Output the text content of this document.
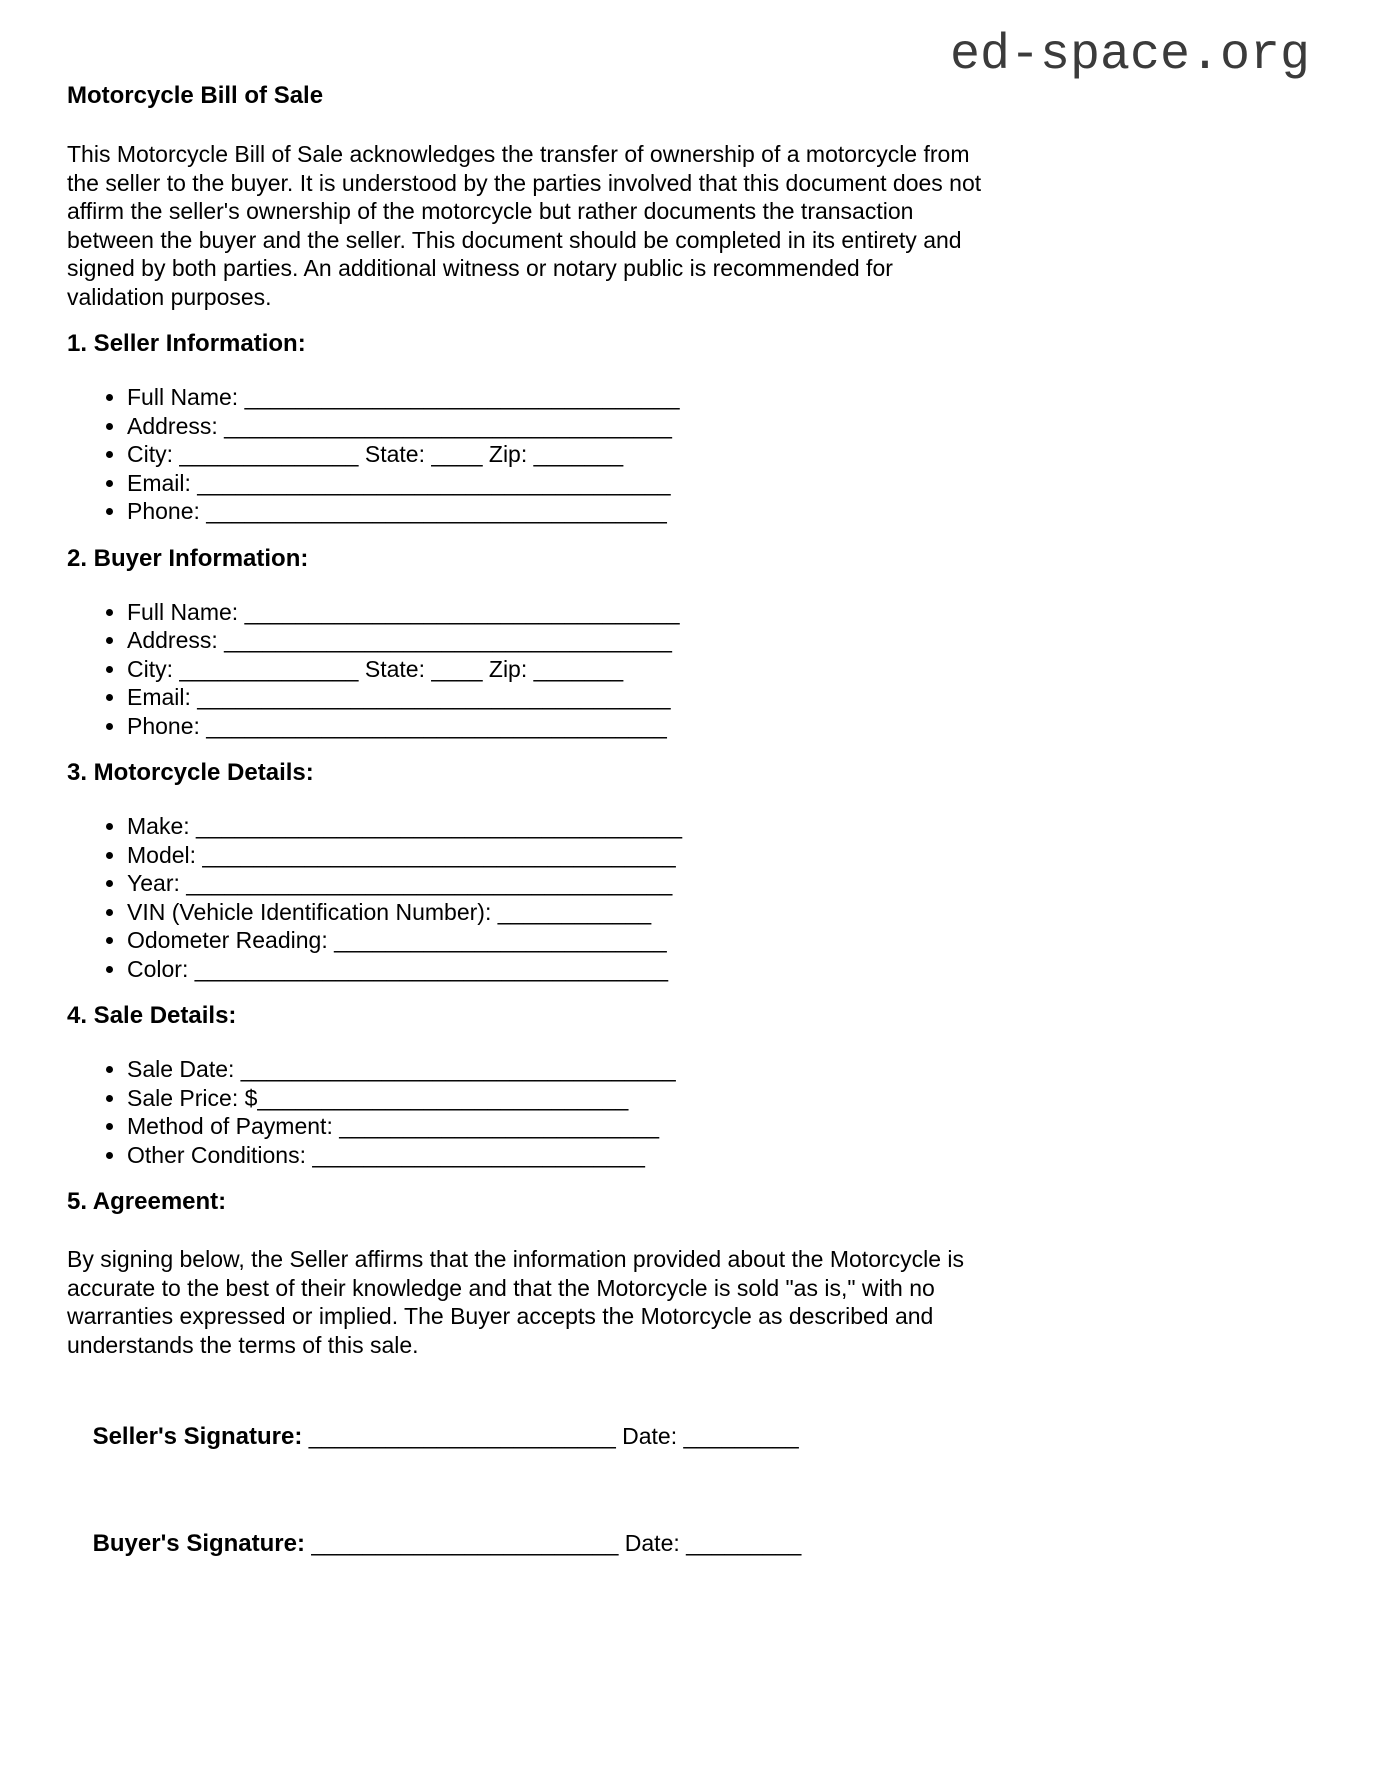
ed-space.org
Motorcycle Bill of Sale
This Motorcycle Bill of Sale acknowledges the transfer of ownership of a motorcycle from
the seller to the buyer. It is understood by the parties involved that this document does not
affirm the seller's ownership of the motorcycle but rather documents the transaction
between the buyer and the seller. This document should be completed in its entirety and
signed by both parties. An additional witness or notary public is recommended for
validation purposes.
1. Seller Information:
• Full Name: __________________________________
• Address: ___________________________________
• City: ______________ State: ____ Zip: _______
• Email: _____________________________________
• Phone: ____________________________________
2. Buyer Information:
• Full Name: __________________________________
• Address: ___________________________________
• City: ______________ State: ____ Zip: _______
• Email: _____________________________________
• Phone: ____________________________________
3. Motorcycle Details:
• Make: ______________________________________
• Model: _____________________________________
• Year: ______________________________________
• VIN (Vehicle Identification Number): ____________
• Odometer Reading: __________________________
• Color: _____________________________________
4. Sale Details:
• Sale Date: __________________________________
• Sale Price: $_____________________________
• Method of Payment: _________________________
• Other Conditions: __________________________
5. Agreement:
By signing below, the Seller affirms that the information provided about the Motorcycle is
accurate to the best of their knowledge and that the Motorcycle is sold "as is," with no
warranties expressed or implied. The Buyer accepts the Motorcycle as described and
understands the terms of this sale.

Seller's Signature: ________________________ Date: _________

Buyer's Signature: ________________________ Date: _________
